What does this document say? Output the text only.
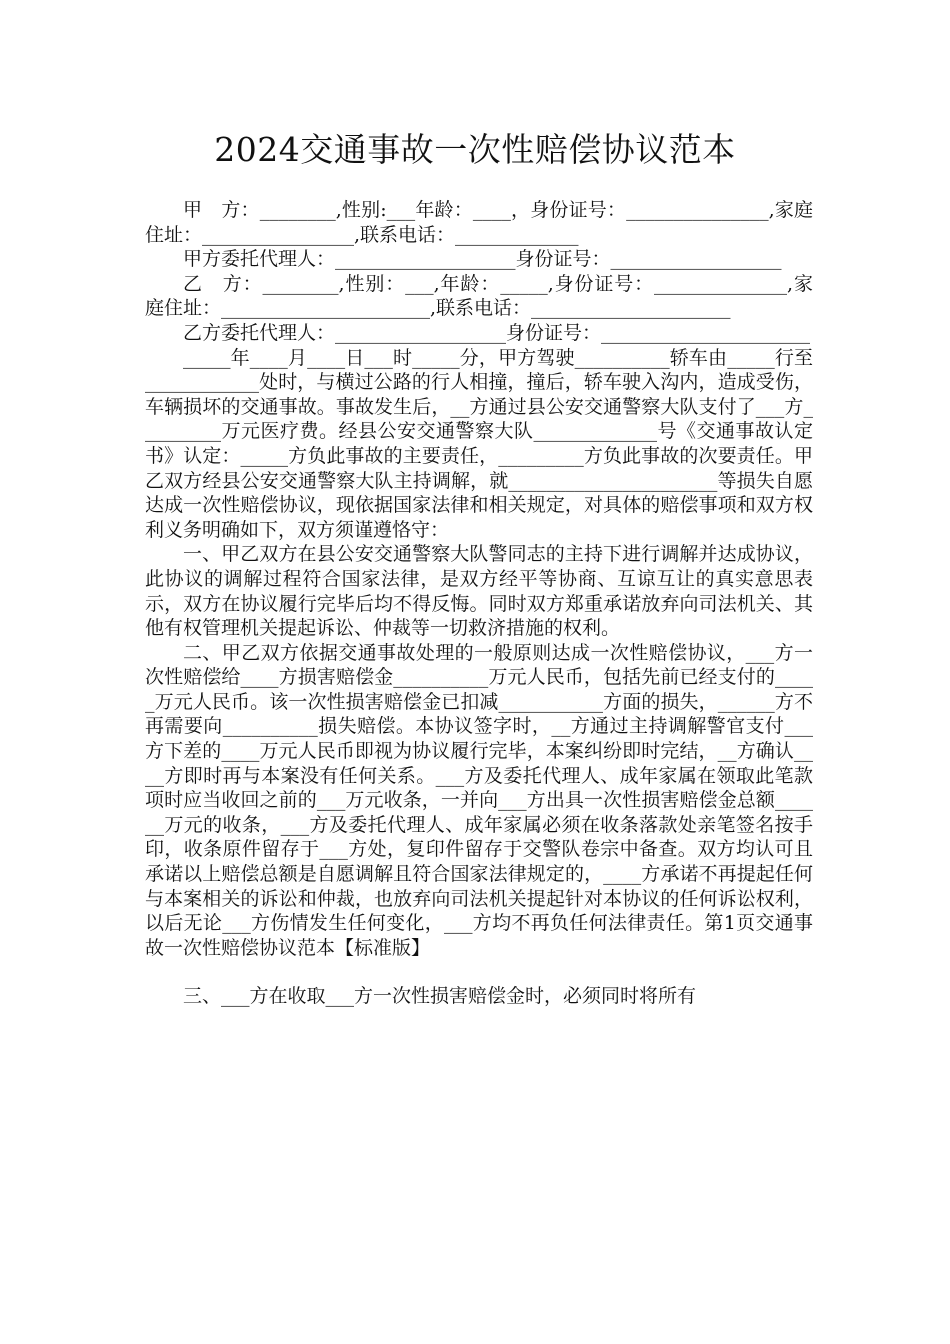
2024交通事故一次性赔偿协议范本

甲　方：________,性别:___年龄：____，身份证号：_______________,家庭住址：________________,联系电话：_____________

甲方委托代理人：___________________身份证号：__________________

乙　方：________,性别：___,年龄：_____,身份证号：______________,家庭住址：______________________,联系电话：_____________________

乙方委托代理人：__________________身份证号：______________________

_____年____月____日___时_____分，甲方驾驶__________轿车由_____行至____________处时，与横过公路的行人相撞，撞后，轿车驶入沟内，造成受伤，车辆损坏的交通事故。事故发生后，__方通过县公安交通警察大队支付了___方_________万元医疗费。经县公安交通警察大队_____________号《交通事故认定书》认定：_____方负此事故的主要责任，_________方负此事故的次要责任。甲乙双方经县公安交通警察大队主持调解，就______________________等损失自愿达成一次性赔偿协议，现依据国家法律和相关规定，对具体的赔偿事项和双方权利义务明确如下，双方须谨遵恪守：

一、甲乙双方在县公安交通警察大队警同志的主持下进行调解并达成协议，此协议的调解过程符合国家法律，是双方经平等协商、互谅互让的真实意思表示，双方在协议履行完毕后均不得反悔。同时双方郑重承诺放弃向司法机关、其他有权管理机关提起诉讼、仲裁等一切救济措施的权利。

二、甲乙双方依据交通事故处理的一般原则达成一次性赔偿协议，___方一次性赔偿给____方损害赔偿金__________万元人民币，包括先前已经支付的_____万元人民币。该一次性损害赔偿金已扣减___________方面的损失，______方不再需要向__________损失赔偿。本协议签字时，__方通过主持调解警官支付___方下差的____万元人民币即视为协议履行完毕，本案纠纷即时完结，__方确认____方即时再与本案没有任何关系。___方及委托代理人、成年家属在领取此笔款项时应当收回之前的___万元收条，一并向___方出具一次性损害赔偿金总额______万元的收条，___方及委托代理人、成年家属必须在收条落款处亲笔签名按手印，收条原件留存于___方处，复印件留存于交警队卷宗中备查。双方均认可且承诺以上赔偿总额是自愿调解且符合国家法律规定的，____方承诺不再提起任何与本案相关的诉讼和仲裁，也放弃向司法机关提起针对本协议的任何诉讼权利，以后无论___方伤情发生任何变化，___方均不再负任何法律责任。第1页交通事故一次性赔偿协议范本【标准版】

三、___方在收取___方一次性损害赔偿金时，必须同时将所有
